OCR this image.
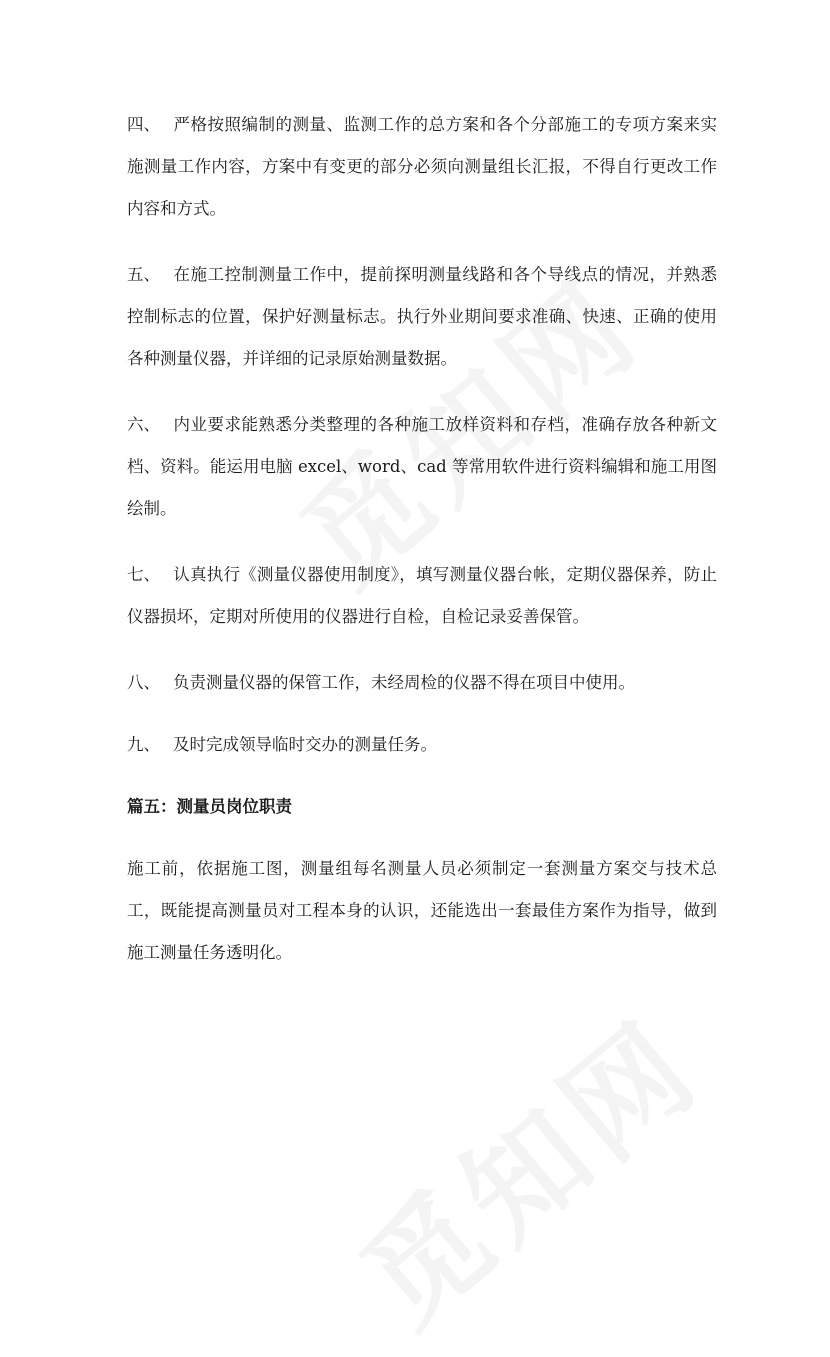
四、 严格按照编制的测量、监测工作的总方案和各个分部施工的专项方案来实施测量工作内容，方案中有变更的部分必须向测量组长汇报，不得自行更改工作内容和方式。

五、 在施工控制测量工作中，提前探明测量线路和各个导线点的情况，并熟悉控制标志的位置，保护好测量标志。执行外业期间要求准确、快速、正确的使用各种测量仪器，并详细的记录原始测量数据。

六、 内业要求能熟悉分类整理的各种施工放样资料和存档，准确存放各种新文档、资料。能运用电脑 excel、word、cad 等常用软件进行资料编辑和施工用图绘制。

七、 认真执行《测量仪器使用制度》，填写测量仪器台帐，定期仪器保养，防止仪器损坏，定期对所使用的仪器进行自检，自检记录妥善保管。

八、 负责测量仪器的保管工作，未经周检的仪器不得在项目中使用。

九、 及时完成领导临时交办的测量任务。

篇五：测量员岗位职责

施工前，依据施工图，测量组每名测量人员必须制定一套测量方案交与技术总工，既能提高测量员对工程本身的认识，还能选出一套最佳方案作为指导，做到施工测量任务透明化。
